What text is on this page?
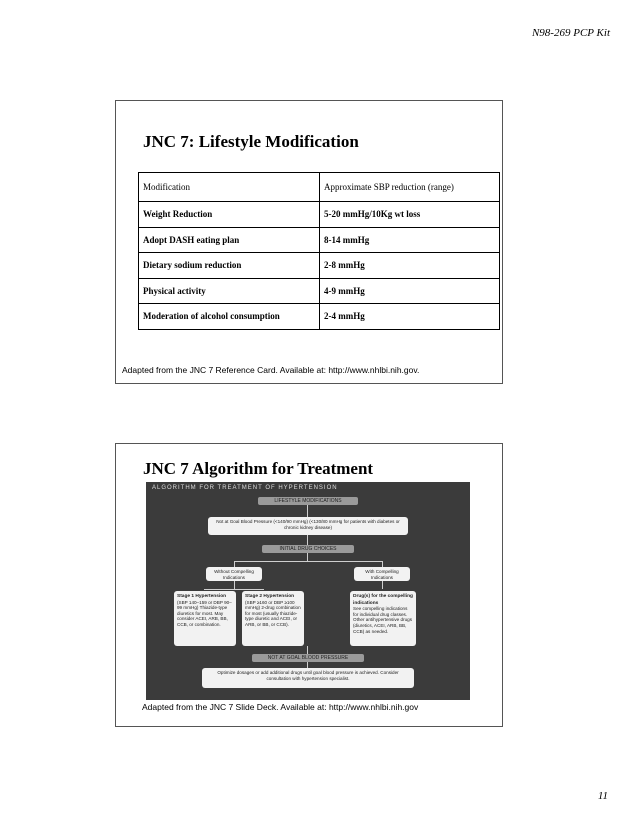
N98-269 PCP Kit
JNC 7: Lifestyle Modification
Modification	Approximate SBP reduction (range)
Weight Reduction	5-20 mmHg/10Kg wt loss
Adopt DASH eating plan	8-14 mmHg
Dietary sodium reduction	2-8 mmHg
Physical activity	4-9 mmHg
Moderation of alcohol consumption	2-4 mmHg
Adapted from the JNC 7 Reference Card. Available at: http://www.nhlbi.nih.gov.
JNC 7 Algorithm for Treatment
ALGORITHM FOR TREATMENT OF HYPERTENSION
LIFESTYLE MODIFICATIONS
Not at Goal Blood Pressure (<140/90 mmHg) (<130/80 mmHg for patients with diabetes or chronic kidney disease)
INITIAL DRUG CHOICES
Without Compelling Indications
With Compelling Indications
Stage 1 Hypertension
(SBP 140–159 or DBP 90–99 mmHg) Thiazide-type diuretics for most. May consider ACEI, ARB, BB, CCB, or combination.
Stage 2 Hypertension
(SBP ≥160 or DBP ≥100 mmHg) 2-drug combination for most (usually thiazide-type diuretic and ACEI, or ARB, or BB, or CCB).
Drug(s) for the compelling indications
See compelling indications for individual drug classes. Other antihypertensive drugs (diuretics, ACEI, ARB, BB, CCB) as needed.
NOT AT GOAL BLOOD PRESSURE
Optimize dosages or add additional drugs until goal blood pressure is achieved. Consider consultation with hypertension specialist.
Adapted from the JNC 7 Slide Deck. Available at: http://www.nhlbi.nih.gov
11
